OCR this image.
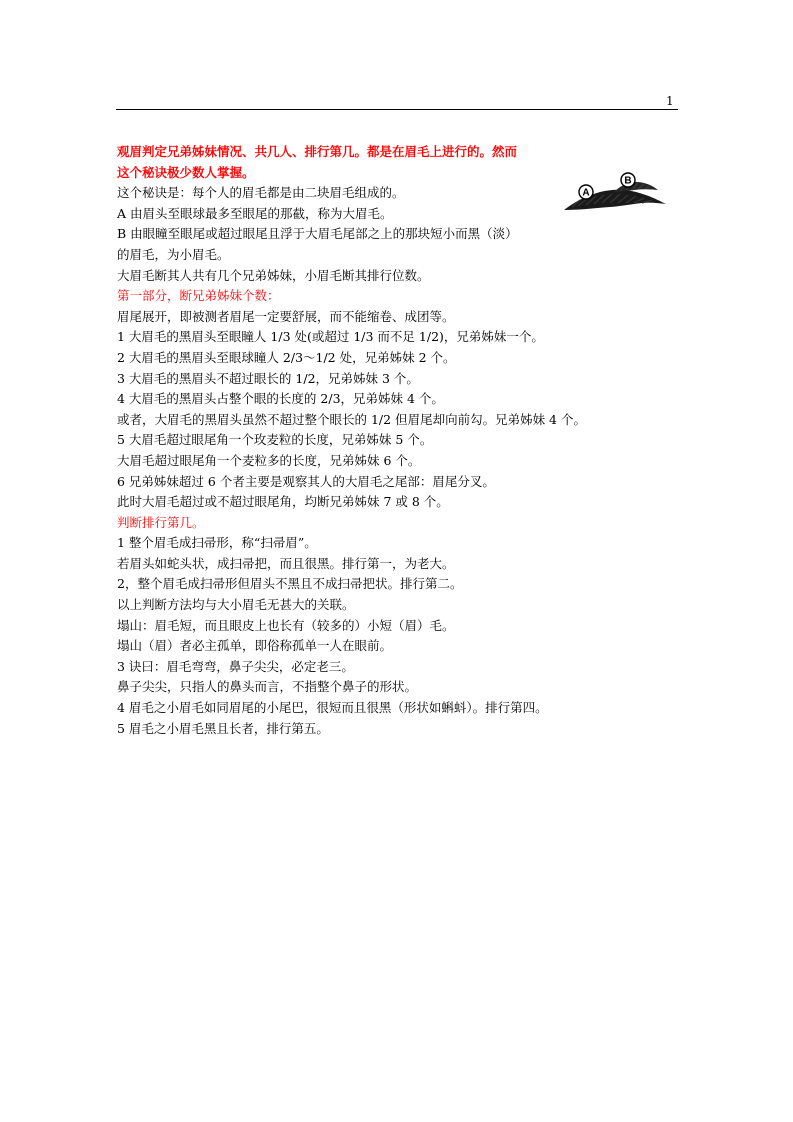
1
A
B
观眉判定兄弟姊妹情况、共几人、排行第几。都是在眉毛上进行的。然而
这个秘诀极少数人掌握。
这个秘诀是：每个人的眉毛都是由二块眉毛组成的。
A 由眉头至眼球最多至眼尾的那截，称为大眉毛。
B 由眼瞳至眼尾或超过眼尾且浮于大眉毛尾部之上的那块短小而黑（淡）
的眉毛，为小眉毛。
大眉毛断其人共有几个兄弟姊妹，小眉毛断其排行位数。
第一部分，断兄弟姊妹个数：
眉尾展开，即被测者眉尾一定要舒展，而不能缩卷、成团等。
1 大眉毛的黑眉头至眼瞳人 1/3 处(或超过 1/3 而不足 1/2)，兄弟姊妹一个。
2 大眉毛的黑眉头至眼球瞳人 2/3～1/2 处，兄弟姊妹 2 个。
3 大眉毛的黑眉头不超过眼长的 1/2，兄弟姊妹 3 个。
4 大眉毛的黑眉头占整个眼的长度的 2/3，兄弟姊妹 4 个。
或者，大眉毛的黑眉头虽然不超过整个眼长的 1/2 但眉尾却向前勾。兄弟姊妹 4 个。
5 大眉毛超过眼尾角一个玫麦粒的长度，兄弟姊妹 5 个。
大眉毛超过眼尾角一个麦粒多的长度，兄弟姊妹 6 个。
6 兄弟姊妹超过 6 个者主要是观察其人的大眉毛之尾部：眉尾分叉。
此时大眉毛超过或不超过眼尾角，均断兄弟姊妹 7 或 8 个。
判断排行第几。
1 整个眉毛成扫帚形，称“扫帚眉”。
若眉头如蛇头状，成扫帚把，而且很黑。排行第一，为老大。
2，整个眉毛成扫帚形但眉头不黑且不成扫帚把状。排行第二。
以上判断方法均与大小眉毛无甚大的关联。
塌山：眉毛短，而且眼皮上也长有（较多的）小短（眉）毛。
塌山（眉）者必主孤单，即俗称孤单一人在眼前。
3 诀曰：眉毛弯弯，鼻子尖尖，必定老三。
鼻子尖尖，只指人的鼻头而言，不指整个鼻子的形状。
4 眉毛之小眉毛如同眉尾的小尾巴，很短而且很黑（形状如蝌蚪）。排行第四。
5 眉毛之小眉毛黑且长者，排行第五。
